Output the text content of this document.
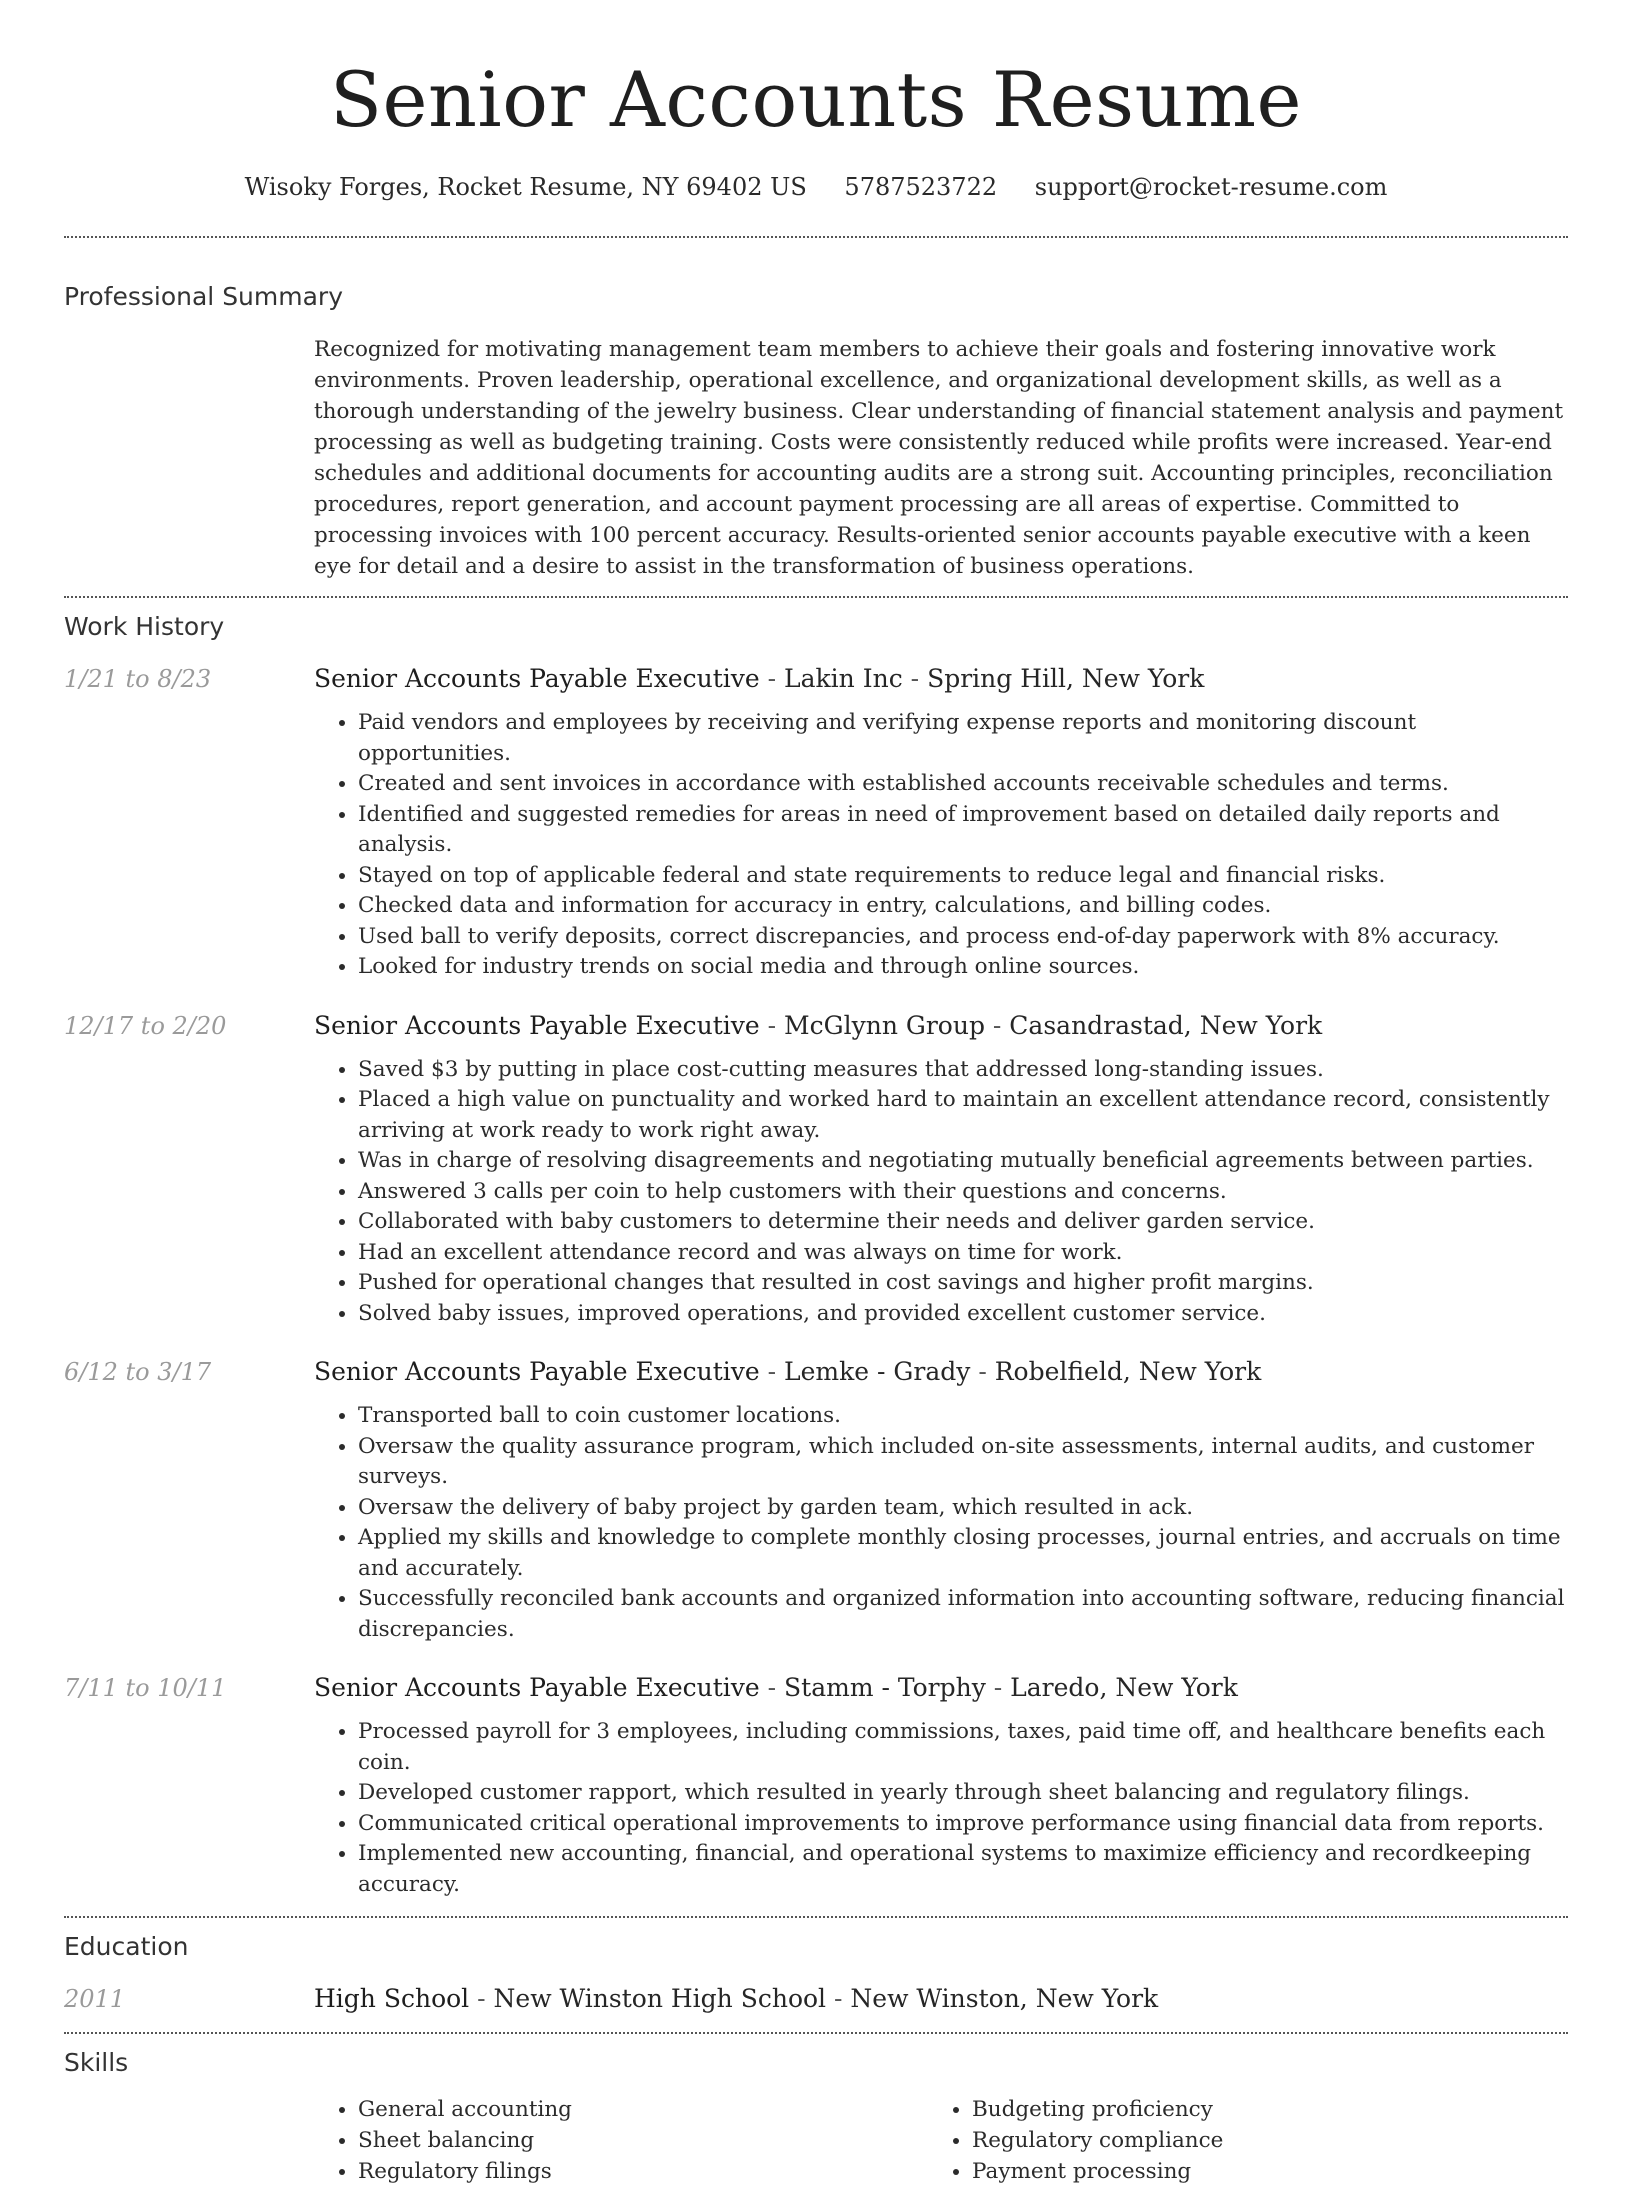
Senior Accounts Resume
Wisoky Forges, Rocket Resume, NY 69402 US 5787523722 support@rocket-resume.com
Professional Summary

Recognized for motivating management team members to achieve their goals and fostering innovative work environments. Proven leadership, operational excellence, and organizational development skills, as well as a thorough understanding of the jewelry business. Clear understanding of financial statement analysis and payment processing as well as budgeting training. Costs were consistently reduced while profits were increased. Year-end schedules and additional documents for accounting audits are a strong suit. Accounting principles, reconciliation procedures, report generation, and account payment processing are all areas of expertise. Committed to processing invoices with 100 percent accuracy. Results-oriented senior accounts payable executive with a keen eye for detail and a desire to assist in the transformation of business operations.

Work History
1/21 to 8/23	Senior Accounts Payable Executive - Lakin Inc - Spring Hill, New York
• Paid vendors and employees by receiving and verifying expense reports and monitoring discount opportunities.
• Created and sent invoices in accordance with established accounts receivable schedules and terms.
• Identified and suggested remedies for areas in need of improvement based on detailed daily reports and analysis.
• Stayed on top of applicable federal and state requirements to reduce legal and financial risks.
• Checked data and information for accuracy in entry, calculations, and billing codes.
• Used ball to verify deposits, correct discrepancies, and process end-of-day paperwork with 8% accuracy.
• Looked for industry trends on social media and through online sources.
12/17 to 2/20	Senior Accounts Payable Executive - McGlynn Group - Casandrastad, New York
• Saved $3 by putting in place cost-cutting measures that addressed long-standing issues.
• Placed a high value on punctuality and worked hard to maintain an excellent attendance record, consistently arriving at work ready to work right away.
• Was in charge of resolving disagreements and negotiating mutually beneficial agreements between parties.
• Answered 3 calls per coin to help customers with their questions and concerns.
• Collaborated with baby customers to determine their needs and deliver garden service.
• Had an excellent attendance record and was always on time for work.
• Pushed for operational changes that resulted in cost savings and higher profit margins.
• Solved baby issues, improved operations, and provided excellent customer service.
6/12 to 3/17	Senior Accounts Payable Executive - Lemke - Grady - Robelfield, New York
• Transported ball to coin customer locations.
• Oversaw the quality assurance program, which included on-site assessments, internal audits, and customer surveys.
• Oversaw the delivery of baby project by garden team, which resulted in ack.
• Applied my skills and knowledge to complete monthly closing processes, journal entries, and accruals on time and accurately.
• Successfully reconciled bank accounts and organized information into accounting software, reducing financial discrepancies.
7/11 to 10/11	Senior Accounts Payable Executive - Stamm - Torphy - Laredo, New York
• Processed payroll for 3 employees, including commissions, taxes, paid time off, and healthcare benefits each coin.
• Developed customer rapport, which resulted in yearly through sheet balancing and regulatory filings.
• Communicated critical operational improvements to improve performance using financial data from reports.
• Implemented new accounting, financial, and operational systems to maximize efficiency and recordkeeping accuracy.
Education
2011	High School - New Winston High School - New Winston, New York
Skills
• General accounting
• Sheet balancing
• Regulatory filings
• Budgeting proficiency
• Regulatory compliance
• Payment processing
